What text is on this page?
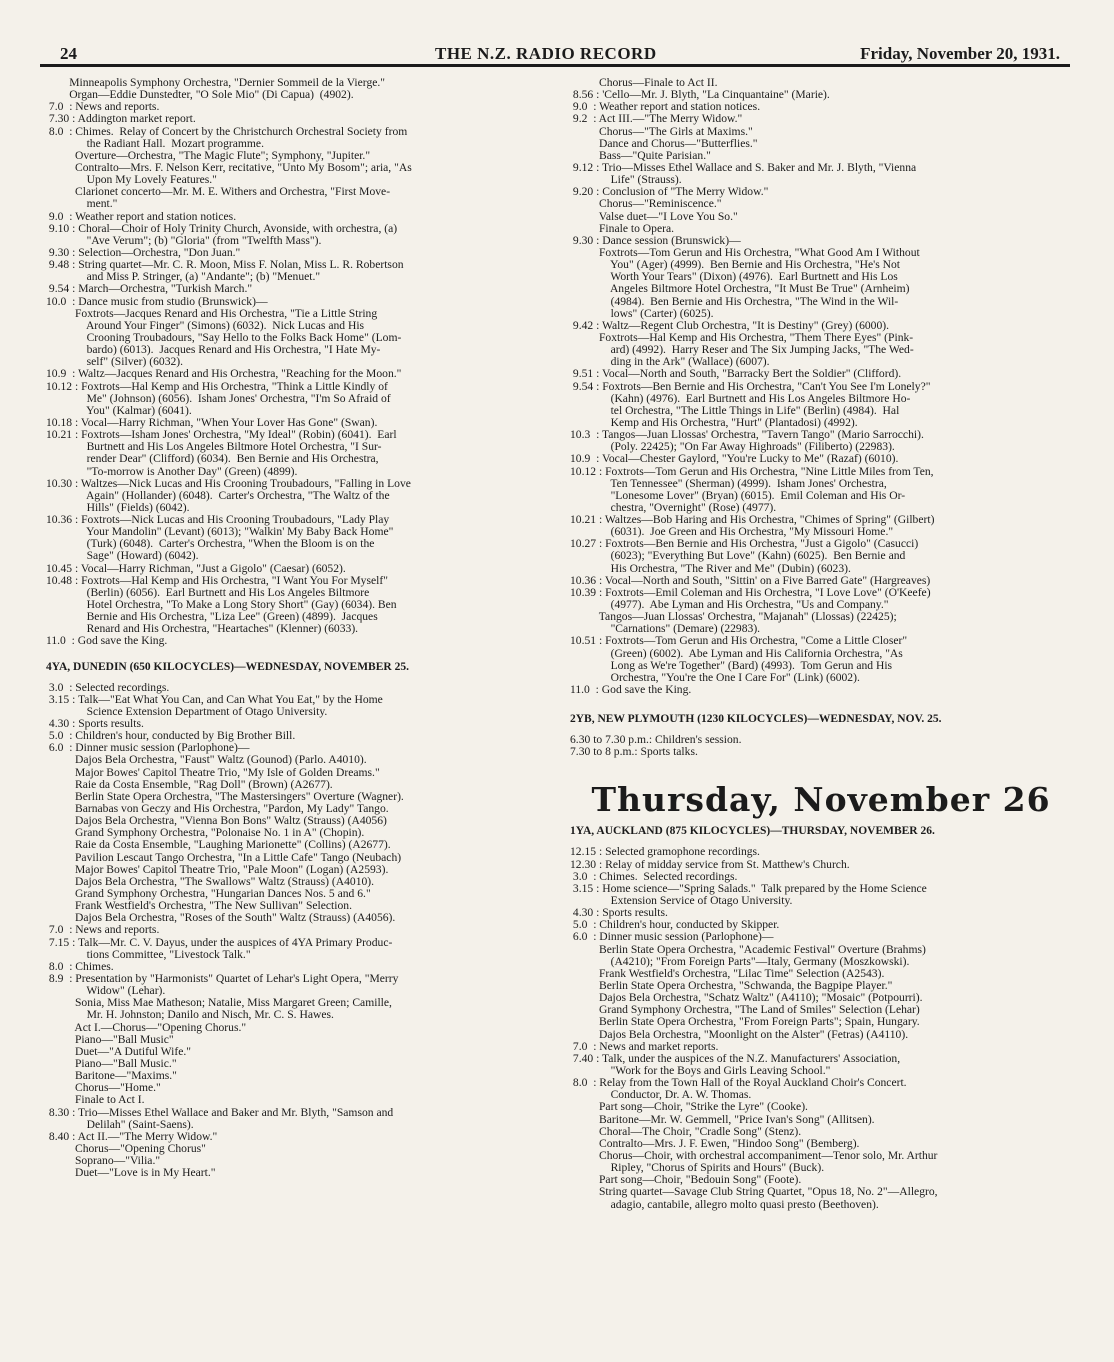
24	THE N.Z. RADIO RECORD	Friday, November 20, 1931.
Minneapolis Symphony Orchestra, "Dernier Sommeil de la Vierge."
Organ—Eddie Dunstedter, "O Sole Mio" (Di Capua)  (4902).
7.0  : News and reports.
7.30 : Addington market report.
8.0  : Chimes.  Relay of Concert by the Christchurch Orchestral Society from
the Radiant Hall.  Mozart programme.
Overture—Orchestra, "The Magic Flute"; Symphony, "Jupiter."
Contralto—Mrs. F. Nelson Kerr, recitative, "Unto My Bosom"; aria, "As
Upon My Lovely Features."
Clarionet concerto—Mr. M. E. Withers and Orchestra, "First Move-
ment."
9.0  : Weather report and station notices.
9.10 : Choral—Choir of Holy Trinity Church, Avonside, with orchestra, (a)
"Ave Verum"; (b) "Gloria" (from "Twelfth Mass").
9.30 : Selection—Orchestra, "Don Juan."
9.48 : String quartet—Mr. C. R. Moon, Miss F. Nolan, Miss L. R. Robertson
and Miss P. Stringer, (a) "Andante"; (b) "Menuet."
9.54 : March—Orchestra, "Turkish March."
10.0  : Dance music from studio (Brunswick)—
Foxtrots—Jacques Renard and His Orchestra, "Tie a Little String
Around Your Finger" (Simons) (6032).  Nick Lucas and His
Crooning Troubadours, "Say Hello to the Folks Back Home" (Lom-
bardo) (6013).  Jacques Renard and His Orchestra, "I Hate My-
self" (Silver) (6032).
10.9  : Waltz—Jacques Renard and His Orchestra, "Reaching for the Moon."
10.12 : Foxtrots—Hal Kemp and His Orchestra, "Think a Little Kindly of
Me" (Johnson) (6056).  Isham Jones' Orchestra, "I'm So Afraid of
You" (Kalmar) (6041).
10.18 : Vocal—Harry Richman, "When Your Lover Has Gone" (Swan).
10.21 : Foxtrots—Isham Jones' Orchestra, "My Ideal" (Robin) (6041).  Earl
Burtnett and His Los Angeles Biltmore Hotel Orchestra, "I Sur-
render Dear" (Clifford) (6034).  Ben Bernie and His Orchestra,
"To-morrow is Another Day" (Green) (4899).
10.30 : Waltzes—Nick Lucas and His Crooning Troubadours, "Falling in Love
Again" (Hollander) (6048).  Carter's Orchestra, "The Waltz of the
Hills" (Fields) (6042).
10.36 : Foxtrots—Nick Lucas and His Crooning Troubadours, "Lady Play
Your Mandolin" (Levant) (6013); "Walkin' My Baby Back Home"
(Turk) (6048).  Carter's Orchestra, "When the Bloom is on the
Sage" (Howard) (6042).
10.45 : Vocal—Harry Richman, "Just a Gigolo" (Caesar) (6052).
10.48 : Foxtrots—Hal Kemp and His Orchestra, "I Want You For Myself"
(Berlin) (6056).  Earl Burtnett and His Los Angeles Biltmore
Hotel Orchestra, "To Make a Long Story Short" (Gay) (6034). Ben
Bernie and His Orchestra, "Liza Lee" (Green) (4899).  Jacques
Renard and His Orchestra, "Heartaches" (Klenner) (6033).
11.0  : God save the King.
4YA, DUNEDIN (650 KILOCYCLES)—WEDNESDAY, NOVEMBER 25.
3.0  : Selected recordings.
3.15 : Talk—"Eat What You Can, and Can What You Eat," by the Home
Science Extension Department of Otago University.
4.30 : Sports results.
5.0  : Children's hour, conducted by Big Brother Bill.
6.0  : Dinner music session (Parlophone)—
Dajos Bela Orchestra, "Faust" Waltz (Gounod) (Parlo. A4010).
Major Bowes' Capitol Theatre Trio, "My Isle of Golden Dreams."
Raie da Costa Ensemble, "Rag Doll" (Brown) (A2677).
Berlin State Opera Orchestra, "The Mastersingers" Overture (Wagner).
Barnabas von Geczy and His Orchestra, "Pardon, My Lady" Tango.
Dajos Bela Orchestra, "Vienna Bon Bons" Waltz (Strauss) (A4056)
Grand Symphony Orchestra, "Polonaise No. 1 in A" (Chopin).
Raie da Costa Ensemble, "Laughing Marionette" (Collins) (A2677).
Pavilion Lescaut Tango Orchestra, "In a Little Cafe" Tango (Neubach)
Major Bowes' Capitol Theatre Trio, "Pale Moon" (Logan) (A2593).
Dajos Bela Orchestra, "The Swallows" Waltz (Strauss) (A4010).
Grand Symphony Orchestra, "Hungarian Dances Nos. 5 and 6."
Frank Westfield's Orchestra, "The New Sullivan" Selection.
Dajos Bela Orchestra, "Roses of the South" Waltz (Strauss) (A4056).
7.0  : News and reports.
7.15 : Talk—Mr. C. V. Dayus, under the auspices of 4YA Primary Produc-
tions Committee, "Livestock Talk."
8.0  : Chimes.
8.9  : Presentation by "Harmonists" Quartet of Lehar's Light Opera, "Merry
Widow" (Lehar).
Sonia, Miss Mae Matheson; Natalie, Miss Margaret Green; Camille,
Mr. H. Johnston; Danilo and Nisch, Mr. C. S. Hawes.
Act I.—Chorus—"Opening Chorus."
Piano—"Ball Music"
Duet—"A Dutiful Wife."
Piano—"Ball Music."
Baritone—"Maxims."
Chorus—"Home."
Finale to Act I.
8.30 : Trio—Misses Ethel Wallace and Baker and Mr. Blyth, "Samson and
Delilah" (Saint-Saens).
8.40 : Act II.—"The Merry Widow."
Chorus—"Opening Chorus"
Soprano—"Vilia."
Duet—"Love is in My Heart."
Chorus—Finale to Act II.
8.56 : 'Cello—Mr. J. Blyth, "La Cinquantaine" (Marie).
9.0  : Weather report and station notices.
9.2  : Act III.—"The Merry Widow."
Chorus—"The Girls at Maxims."
Dance and Chorus—"Butterflies."
Bass—"Quite Parisian."
9.12 : Trio—Misses Ethel Wallace and S. Baker and Mr. J. Blyth, "Vienna
Life" (Strauss).
9.20 : Conclusion of "The Merry Widow."
Chorus—"Reminiscence."
Valse duet—"I Love You So."
Finale to Opera.
9.30 : Dance session (Brunswick)—
Foxtrots—Tom Gerun and His Orchestra, "What Good Am I Without
You" (Ager) (4999).  Ben Bernie and His Orchestra, "He's Not
Worth Your Tears" (Dixon) (4976).  Earl Burtnett and His Los
Angeles Biltmore Hotel Orchestra, "It Must Be True" (Arnheim)
(4984).  Ben Bernie and His Orchestra, "The Wind in the Wil-
lows" (Carter) (6025).
9.42 : Waltz—Regent Club Orchestra, "It is Destiny" (Grey) (6000).
Foxtrots—Hal Kemp and His Orchestra, "Them There Eyes" (Pink-
ard) (4992).  Harry Reser and The Six Jumping Jacks, "The Wed-
ding in the Ark" (Wallace) (6007).
9.51 : Vocal—North and South, "Barracky Bert the Soldier" (Clifford).
9.54 : Foxtrots—Ben Bernie and His Orchestra, "Can't You See I'm Lonely?"
(Kahn) (4976).  Earl Burtnett and His Los Angeles Biltmore Ho-
tel Orchestra, "The Little Things in Life" (Berlin) (4984).  Hal
Kemp and His Orchestra, "Hurt" (Plantadosi) (4992).
10.3  : Tangos—Juan Llossas' Orchestra, "Tavern Tango" (Mario Sarrocchi).
(Poly. 22425); "On Far Away Highroads" (Filiberto) (22983).
10.9  : Vocal—Chester Gaylord, "You're Lucky to Me" (Razaf) (6010).
10.12 : Foxtrots—Tom Gerun and His Orchestra, "Nine Little Miles from Ten,
Ten Tennessee" (Sherman) (4999).  Isham Jones' Orchestra,
"Lonesome Lover" (Bryan) (6015).  Emil Coleman and His Or-
chestra, "Overnight" (Rose) (4977).
10.21 : Waltzes—Bob Haring and His Orchestra, "Chimes of Spring" (Gilbert)
(6031).  Joe Green and His Orchestra, "My Missouri Home."
10.27 : Foxtrots—Ben Bernie and His Orchestra, "Just a Gigolo" (Casucci)
(6023); "Everything But Love" (Kahn) (6025).  Ben Bernie and
His Orchestra, "The River and Me" (Dubin) (6023).
10.36 : Vocal—North and South, "Sittin' on a Five Barred Gate" (Hargreaves)
10.39 : Foxtrots—Emil Coleman and His Orchestra, "I Love Love" (O'Keefe)
(4977).  Abe Lyman and His Orchestra, "Us and Company."
Tangos—Juan Llossas' Orchestra, "Majanah" (Llossas) (22425);
"Carnations" (Demare) (22983).
10.51 : Foxtrots—Tom Gerun and His Orchestra, "Come a Little Closer"
(Green) (6002).  Abe Lyman and His California Orchestra, "As
Long as We're Together" (Bard) (4993).  Tom Gerun and His
Orchestra, "You're the One I Care For" (Link) (6002).
11.0  : God save the King.
2YB, NEW PLYMOUTH (1230 KILOCYCLES)—WEDNESDAY, NOV. 25.
6.30 to 7.30 p.m.: Children's session.
7.30 to 8 p.m.: Sports talks.
Thursday, November 26
1YA, AUCKLAND (875 KILOCYCLES)—THURSDAY, NOVEMBER 26.
12.15 : Selected gramophone recordings.
12.30 : Relay of midday service from St. Matthew's Church.
3.0  : Chimes.  Selected recordings.
3.15 : Home science—"Spring Salads."  Talk prepared by the Home Science
Extension Service of Otago University.
4.30 : Sports results.
5.0  : Children's hour, conducted by Skipper.
6.0  : Dinner music session (Parlophone)—
Berlin State Opera Orchestra, "Academic Festival" Overture (Brahms)
(A4210); "From Foreign Parts"—Italy, Germany (Moszkowski).
Frank Westfield's Orchestra, "Lilac Time" Selection (A2543).
Berlin State Opera Orchestra, "Schwanda, the Bagpipe Player."
Dajos Bela Orchestra, "Schatz Waltz" (A4110); "Mosaic" (Potpourri).
Grand Symphony Orchestra, "The Land of Smiles" Selection (Lehar)
Berlin State Opera Orchestra, "From Foreign Parts"; Spain, Hungary.
Dajos Bela Orchestra, "Moonlight on the Alster" (Fetras) (A4110).
7.0  : News and market reports.
7.40 : Talk, under the auspices of the N.Z. Manufacturers' Association,
"Work for the Boys and Girls Leaving School."
8.0  : Relay from the Town Hall of the Royal Auckland Choir's Concert.
Conductor, Dr. A. W. Thomas.
Part song—Choir, "Strike the Lyre" (Cooke).
Baritone—Mr. W. Gemmell, "Price Ivan's Song" (Allitsen).
Choral—The Choir, "Cradle Song" (Stenz).
Contralto—Mrs. J. F. Ewen, "Hindoo Song" (Bemberg).
Chorus—Choir, with orchestral accompaniment—Tenor solo, Mr. Arthur
Ripley, "Chorus of Spirits and Hours" (Buck).
Part song—Choir, "Bedouin Song" (Foote).
String quartet—Savage Club String Quartet, "Opus 18, No. 2"—Allegro,
adagio, cantabile, allegro molto quasi presto (Beethoven).
